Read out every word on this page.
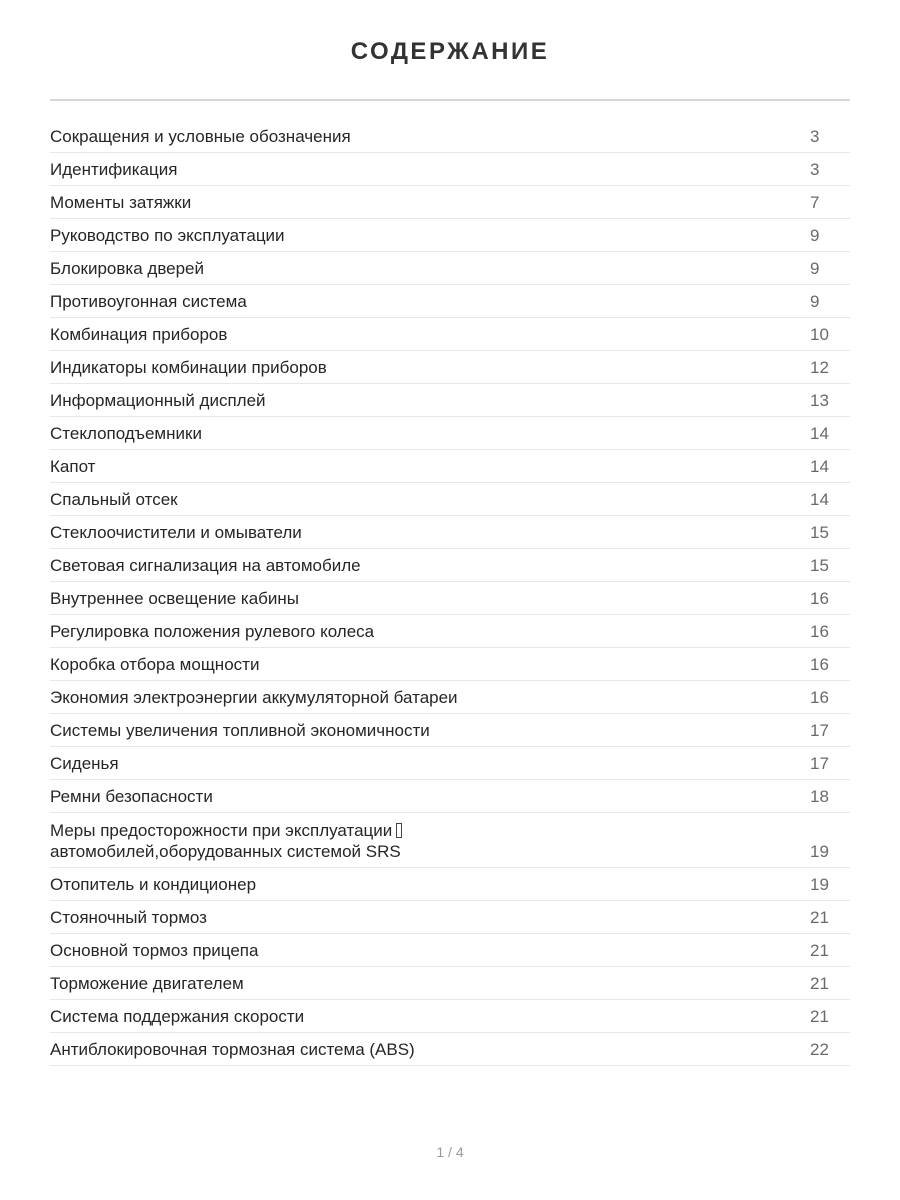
СОДЕРЖАНИЕ
Сокращения и условные обозначения	3
Идентификация	3
Моменты затяжки	7
Руководство по эксплуатации	9
Блокировка дверей	9
Противоугонная система	9
Комбинация приборов	10
Индикаторы комбинации приборов	12
Информационный дисплей	13
Стеклоподъемники	14
Капот	14
Спальный отсек	14
Стеклоочистители и омыватели	15
Световая сигнализация на автомобиле	15
Внутреннее освещение кабины	16
Регулировка положения рулевого колеса	16
Коробка отбора мощности	16
Экономия электроэнергии аккумуляторной батареи	16
Системы увеличения топливной экономичности	17
Сиденья	17
Ремни безопасности	18
Меры предосторожности при эксплуатации
автомобилей,оборудованных системой SRS	19
Отопитель и кондиционер	19
Стояночный тормоз	21
Основной тормоз прицепа	21
Торможение двигателем	21
Система поддержания скорости	21
Антиблокировочная тормозная система (ABS)	22
1 / 4
